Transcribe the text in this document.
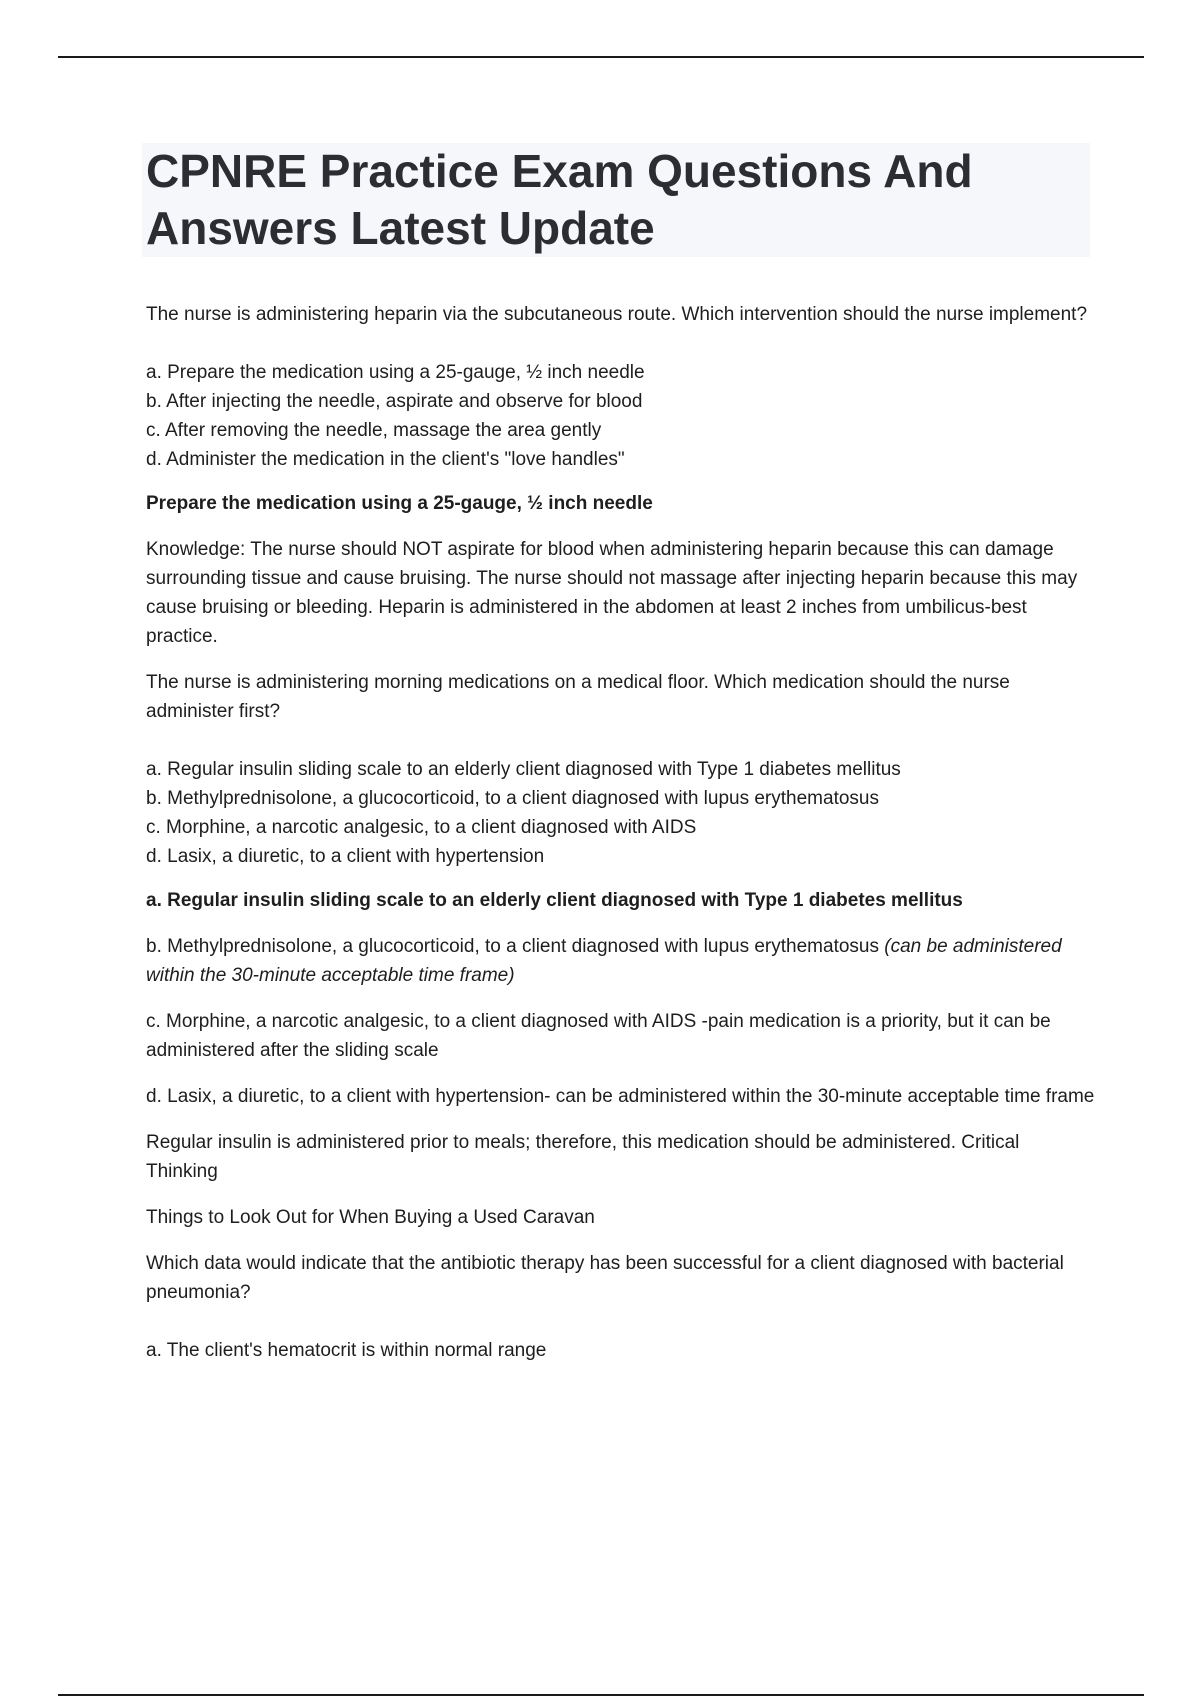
CPNRE Practice Exam Questions And Answers Latest Update

The nurse is administering heparin via the subcutaneous route. Which intervention should the nurse implement?

a. Prepare the medication using a 25-gauge, ½ inch needle
b. After injecting the needle, aspirate and observe for blood
c. After removing the needle, massage the area gently
d. Administer the medication in the client's "love handles"

Prepare the medication using a 25-gauge, ½ inch needle

Knowledge: The nurse should NOT aspirate for blood when administering heparin because this can damage surrounding tissue and cause bruising. The nurse should not massage after injecting heparin because this may cause bruising or bleeding. Heparin is administered in the abdomen at least 2 inches from umbilicus-best practice.

The nurse is administering morning medications on a medical floor. Which medication should the nurse administer first?

a. Regular insulin sliding scale to an elderly client diagnosed with Type 1 diabetes mellitus
b. Methylprednisolone, a glucocorticoid, to a client diagnosed with lupus erythematosus
c. Morphine, a narcotic analgesic, to a client diagnosed with AIDS
d. Lasix, a diuretic, to a client with hypertension

a. Regular insulin sliding scale to an elderly client diagnosed with Type 1 diabetes mellitus

b. Methylprednisolone, a glucocorticoid, to a client diagnosed with lupus erythematosus (can be administered within the 30-minute acceptable time frame)

c. Morphine, a narcotic analgesic, to a client diagnosed with AIDS -pain medication is a priority, but it can be administered after the sliding scale

d. Lasix, a diuretic, to a client with hypertension- can be administered within the 30-minute acceptable time frame

Regular insulin is administered prior to meals; therefore, this medication should be administered. Critical Thinking

Things to Look Out for When Buying a Used Caravan

Which data would indicate that the antibiotic therapy has been successful for a client diagnosed with bacterial pneumonia?

a. The client's hematocrit is within normal range
